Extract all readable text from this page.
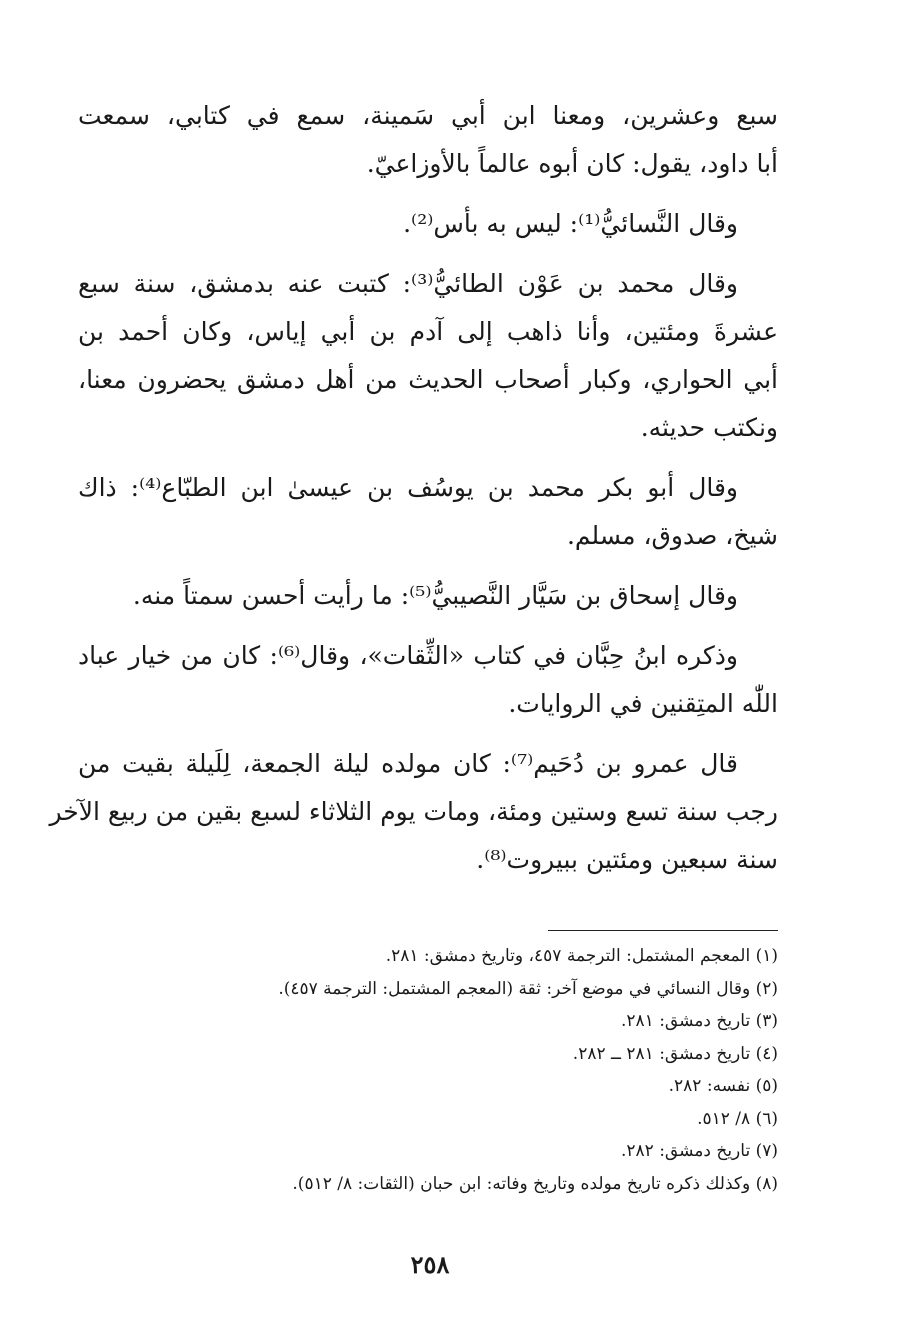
سبع وعشرين، ومعنا ابن أبي سَمينة، سمع في كتابي، سمعت
أبا داود، يقول: كان أبوه عالماً بالأوزاعيّ.
وقال النَّسائيُّ⁽¹⁾: ليس به بأس⁽²⁾.
وقال محمد بن عَوْن الطائيُّ⁽³⁾: كتبت عنه بدمشق، سنة سبع
عشرةَ ومئتين، وأنا ذاهب إلى آدم بن أبي إياس، وكان أحمد بن
أبي الحواري، وكبار أصحاب الحديث من أهل دمشق يحضرون معنا،
ونكتب حديثه.
وقال أبو بكر محمد بن يوسُف بن عيسىٰ ابن الطبّاع⁽⁴⁾: ذاك
شيخ، صدوق، مسلم.
وقال إسحاق بن سَيَّار النَّصيبيُّ⁽⁵⁾: ما رأيت أحسن سمتاً منه.
وذكره ابنُ حِبَّان في كتاب «الثِّقات»، وقال⁽⁶⁾: كان من خيار عباد
اللّٰه المتِقنين في الروايات.
قال عمرو بن دُحَيم⁽⁷⁾: كان مولده ليلة الجمعة، لِلَيلة بقيت من
رجب سنة تسع وستين ومئة، ومات يوم الثلاثاء لسبع بقين من ربيع الآخر
سنة سبعين ومئتين ببيروت⁽⁸⁾.
(١) المعجم المشتمل: الترجمة ٤٥٧، وتاريخ دمشق: ٢٨١.
(٢) وقال النسائي في موضع آخر: ثقة (المعجم المشتمل: الترجمة ٤٥٧).
(٣) تاريخ دمشق: ٢٨١.
(٤) تاريخ دمشق: ٢٨١ ــ ٢٨٢.
(٥) نفسه: ٢٨٢.
(٦) ٨/ ٥١٢.
(٧) تاريخ دمشق: ٢٨٢.
(٨) وكذلك ذكره تاريخ مولده وتاريخ وفاته: ابن حبان (الثقات: ٨/ ٥١٢).
٢٥٨
